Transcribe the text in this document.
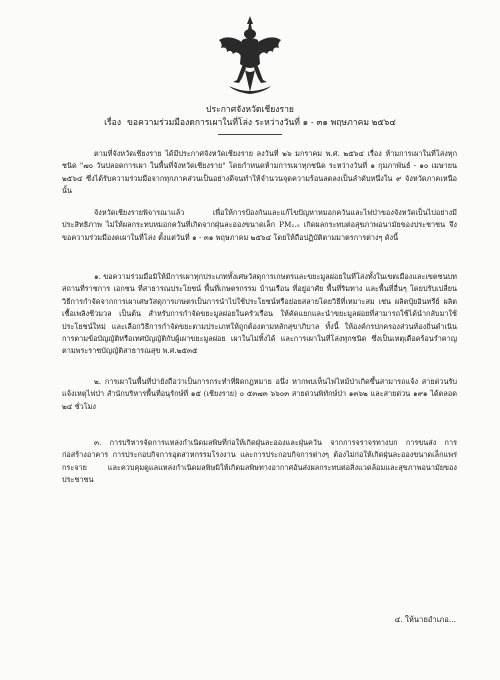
ประกาศจังหวัดเชียงราย
เรื่อง ขอความร่วมมืองดการเผาในที่โล่ง ระหว่างวันที่ ๑ - ๓๑ พฤษภาคม ๒๕๖๔

ตามที่จังหวัดเชียงราย ได้มีประกาศจังหวัดเชียงราย ลงวันที่ ๒๖ มกราคม พ.ศ. ๒๕๖๔ เรื่อง ห้ามการเผาในที่โล่งทุกชนิด "๗๐ วันปลอดการเผา ในพื้นที่จังหวัดเชียงราย" โดยกำหนดห้ามการเผาทุกชนิด ระหว่างวันที่ ๑ กุมภาพันธ์ - ๑๐ เมษายน ๒๕๖๔ ซึ่งได้รับความร่วมมือจากทุกภาคส่วนเป็นอย่างดีจนทำให้จำนวนจุดความร้อนลดลงเป็นลำดับหนึ่งใน ๙ จังหวัดภาคเหนือ นั้น

จังหวัดเชียงรายพิจารณาแล้ว เพื่อให้การป้องกันและแก้ไขปัญหาหมอกควันและไฟป่าของจังหวัดเป็นไปอย่างมีประสิทธิภาพ ไม่ให้ผลกระทบหมอกควันที่เกิดจากฝุ่นละอองขนาดเล็ก PM₂.₅ เกิดผลกระทบต่อสุขภาพอนามัยของประชาชน จึงขอความร่วมมืองดเผาในที่โล่ง ตั้งแต่วันที่ ๑ - ๓๑ พฤษภาคม ๒๕๖๔ โดยให้ถือปฏิบัติตามมาตรการต่างๆ ดังนี้

๑. ขอความร่วมมือมิให้มีการเผาทุกประเภททั้งเศษวัสดุการเกษตรและขยะมูลฝอยในที่โล่งทั้งในเขตเมืองและเขตชนบท สถานที่ราชการ เอกชน ที่สาธารณประโยชน์ พื้นที่เกษตรกรรม บ้านเรือน ที่อยู่อาศัย พื้นที่ริมทาง และพื้นที่อื่นๆ โดยปรับเปลี่ยนวิธีการกำจัดจากการเผาเศษวัสดุการเกษตรเป็นการนำไปใช้ประโยชน์หรือย่อยสลายโดยวิธีที่เหมาะสม เช่น ผลิตปุ๋ยอินทรีย์ ผลิตเชื้อเพลิงชีวมวล เป็นต้น สำหรับการกำจัดขยะมูลฝอยในครัวเรือน ให้คัดแยกและนำขยะมูลฝอยที่สามารถใช้ได้นำกลับมาใช้ประโยชน์ใหม่ และเลือกวิธีการกำจัดขยะตามประเภทให้ถูกต้องตามหลักสุขาภิบาล ทั้งนี้ ให้องค์กรปกครองส่วนท้องถิ่นดำเนินการตามข้อบัญญัติหรือเทศบัญญัติกับผู้เผาขยะมูลฝอย เผาในไม่ทิ้งได้ และการเผาในที่โล่งทุกชนิด ซึ่งเป็นเหตุเดือดร้อนรำคาญตามพระราชบัญญัติสาธารณสุข พ.ศ.๒๕๓๕

๒. การเผาในพื้นที่ป่ายังถือว่าเป็นการกระทำที่ผิดกฎหมาย อนึ่ง หากพบเห็นไฟไหม้ป่าเกิดขึ้นสามารถแจ้ง สายด่วนรับแจ้งเหตุไฟป่า สำนักบริหารพื้นที่อนุรักษ์ที่ ๑๕ (เชียงราย) ๐ ๕๓๗๓ ๖๖๐๓ สายด่วนพิทักษ์ป่า ๑๓๖๒ และสายด่วน ๑๙๑ ได้ตลอด ๒๔ ชั่วโมง

๓. การบริหารจัดการแหล่งกำเนิดมลพิษที่ก่อให้เกิดฝุ่นละอองและฝุ่นควัน จากการจราจรทางบก การขนส่ง การก่อสร้างอาคาร การประกอบกิจการอุตสาหกรรมโรงงาน และการประกอบกิจการต่างๆ ต้องไม่ก่อให้เกิดฝุ่นละอองขนาดเล็กแพร่กระจาย และควบคุมดูแลแหล่งกำเนิดมลพิษมิให้เกิดมลพิษทางอากาศอันส่งผลกระทบต่อสิ่งแวดล้อมและสุขภาพอนามัยของประชาชน

๔. ให้นายอำเภอ...
